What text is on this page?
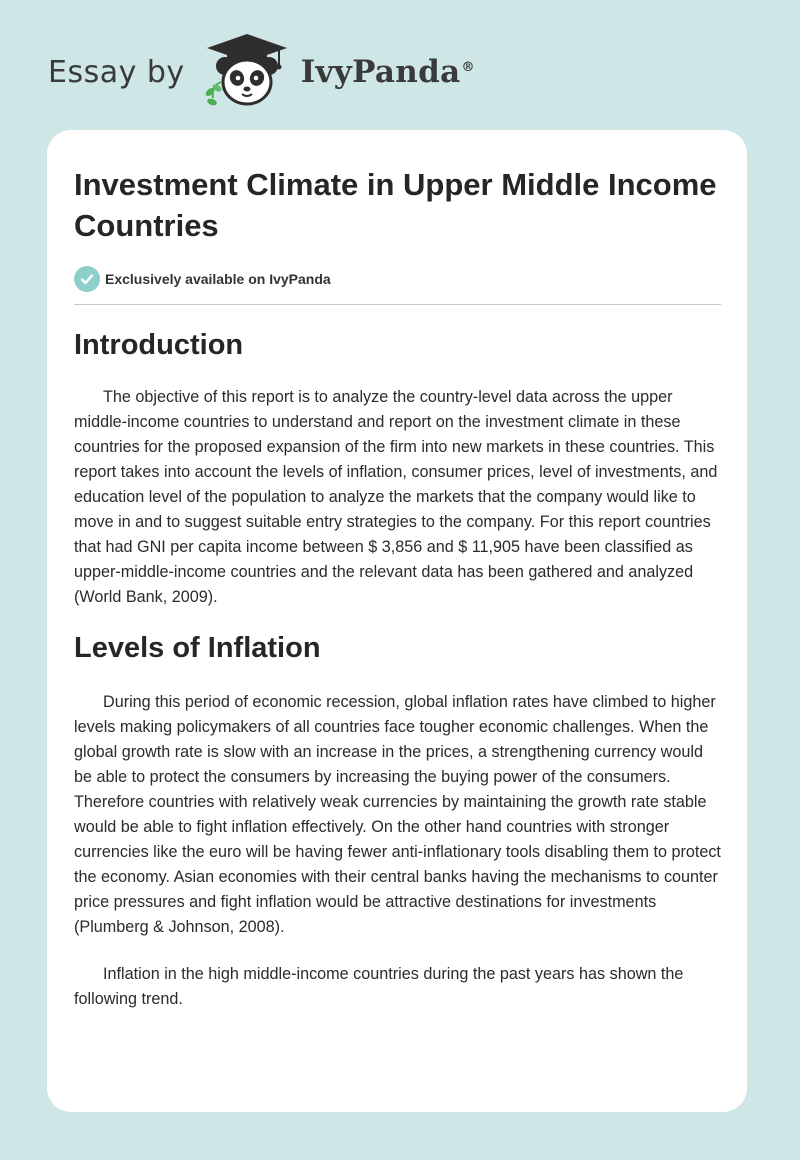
Essay by	IvyPanda®
Investment Climate in Upper Middle Income Countries
Exclusively available on IvyPanda
Introduction

The objective of this report is to analyze the country-level data across the upper middle-income countries to understand and report on the investment climate in these countries for the proposed expansion of the firm into new markets in these countries. This report takes into account the levels of inflation, consumer prices, level of investments, and education level of the population to analyze the markets that the company would like to move in and to suggest suitable entry strategies to the company. For this report countries that had GNI per capita income between $ 3,856 and $ 11,905 have been classified as upper-middle-income countries and the relevant data has been gathered and analyzed (World Bank, 2009).

Levels of Inflation

During this period of economic recession, global inflation rates have climbed to higher levels making policymakers of all countries face tougher economic challenges. When the global growth rate is slow with an increase in the prices, a strengthening currency would be able to protect the consumers by increasing the buying power of the consumers. Therefore countries with relatively weak currencies by maintaining the growth rate stable would be able to fight inflation effectively. On the other hand countries with stronger currencies like the euro will be having fewer anti-inflationary tools disabling them to protect the economy. Asian economies with their central banks having the mechanisms to counter price pressures and fight inflation would be attractive destinations for investments (Plumberg & Johnson, 2008).

Inflation in the high middle-income countries during the past years has shown the following trend.
